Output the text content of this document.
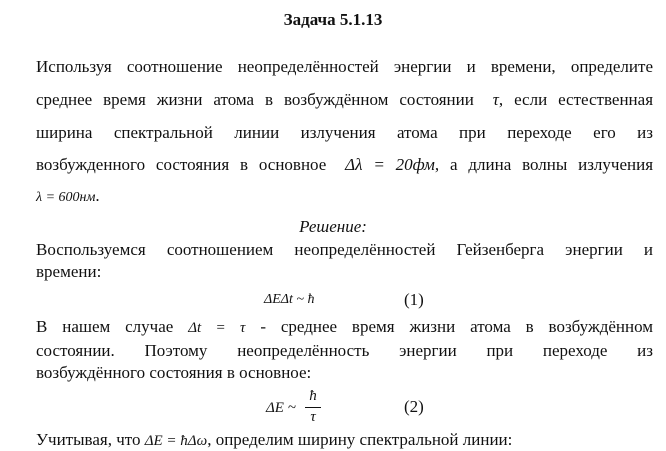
Задача 5.1.13
Используя соотношение неопределённостей энергии и времени, определите
среднее время жизни атома в возбуждённом состоянии τ, если естественная
ширина спектральной линии излучения атома при переходе его из
возбужденного состояния в основное Δλ = 20фм, а длина волны излучения
λ = 600нм.
Решение:
Воспользуемся соотношением неопределённостей Гейзенберга энергии и
времени:
ΔEΔt ~ ħ	(1)
В нашем случае Δt = τ - среднее время жизни атома в возбуждённом
состоянии. Поэтому неопределённость энергии при переходе из
возбуждённого состояния в основное:
ΔE ~
ħ
τ
(2)
Учитывая, что ΔE = ħΔω, определим ширину спектральной линии:
